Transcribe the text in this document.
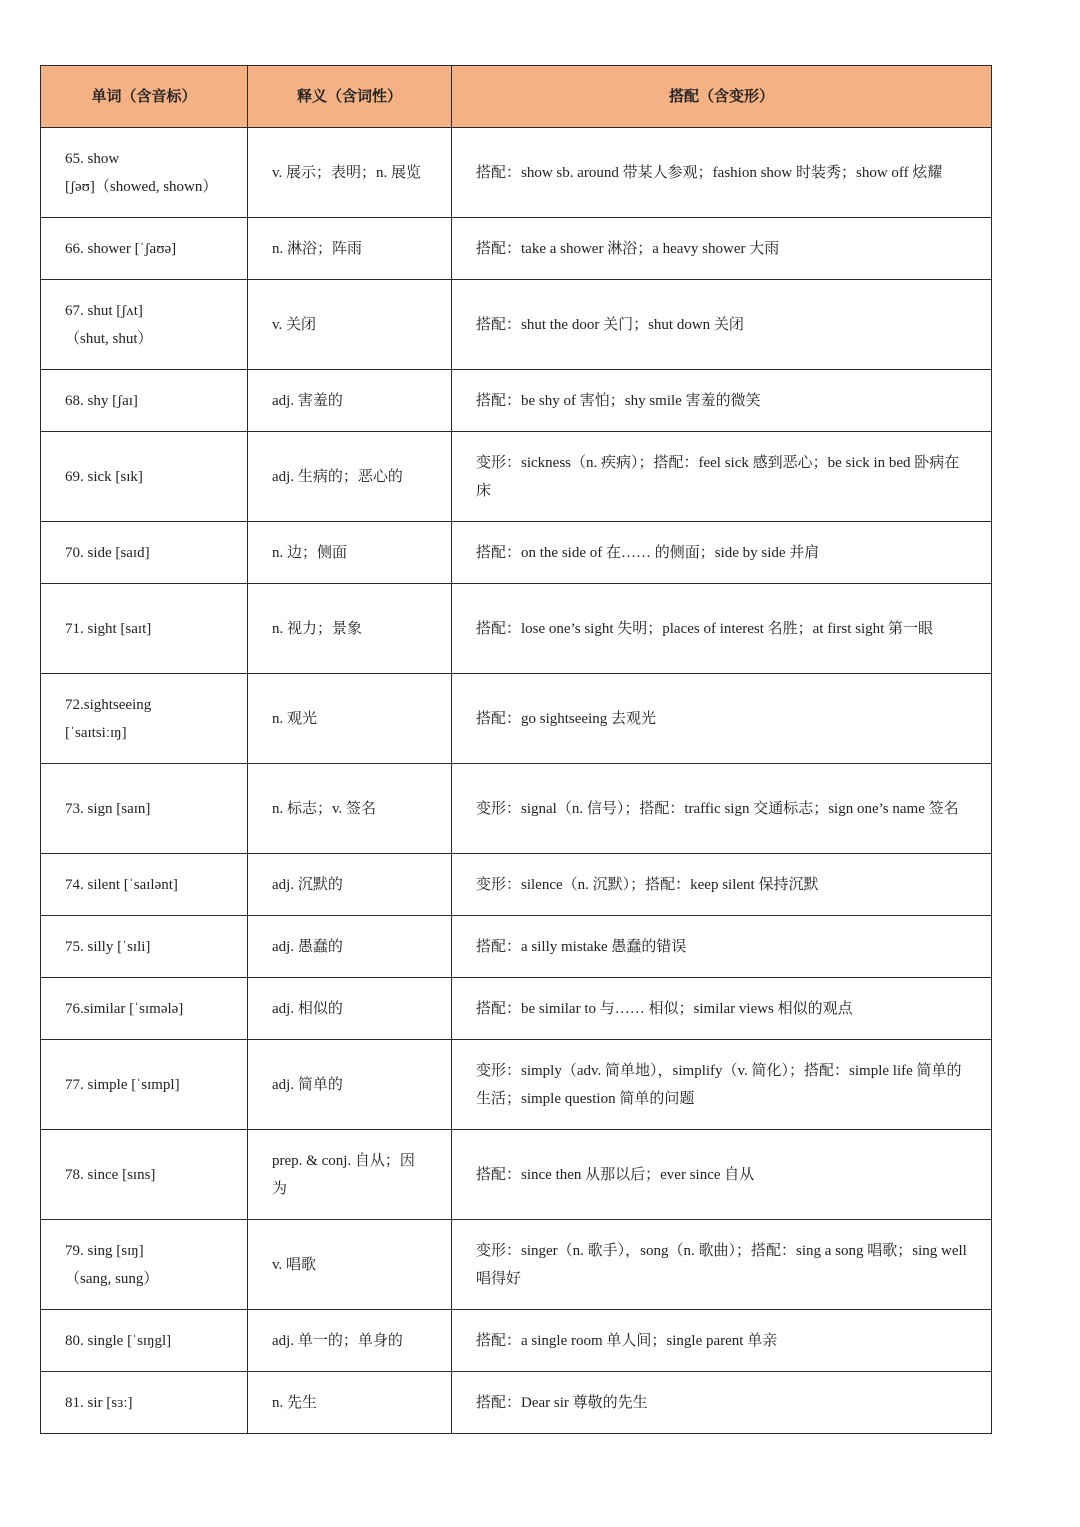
单词（含音标）	释义（含词性）	搭配（含变形）

65. show
[ʃəʊ]（showed, shown）	v. 展示；表明；n. 展览	搭配：show sb. around 带某人参观；fashion show 时装秀；show off 炫耀

66. shower [ˈʃaʊə]	n. 淋浴；阵雨	搭配：take a shower 淋浴；a heavy shower 大雨

67. shut [ʃʌt]
（shut, shut）	v. 关闭	搭配：shut the door 关门；shut down 关闭

68. shy [ʃaɪ]	adj. 害羞的	搭配：be shy of 害怕；shy smile 害羞的微笑

69. sick [sɪk]	adj. 生病的；恶心的	变形：sickness（n. 疾病）；搭配：feel sick 感到恶心；be sick in bed 卧病在床

70. side [saɪd]	n. 边；侧面	搭配：on the side of 在…… 的侧面；side by side 并肩

71. sight [saɪt]	n. 视力；景象	搭配：lose one’s sight 失明；places of interest 名胜；at first sight 第一眼

72.sightseeing
[ˈsaɪtsiːɪŋ]	n. 观光	搭配：go sightseeing 去观光

73. sign [saɪn]	n. 标志；v. 签名	变形：signal（n. 信号）；搭配：traffic sign 交通标志；sign one’s name 签名

74. silent [ˈsaɪlənt]	adj. 沉默的	变形：silence（n. 沉默）；搭配：keep silent 保持沉默

75. silly [ˈsɪli]	adj. 愚蠢的	搭配：a silly mistake 愚蠢的错误

76.similar [ˈsɪmələ]	adj. 相似的	搭配：be similar to 与…… 相似；similar views 相似的观点

77. simple [ˈsɪmpl]	adj. 简单的	变形：simply（adv. 简单地），simplify（v. 简化）；搭配：simple life 简单的生活；simple question 简单的问题

78. since [sɪns]	prep. & conj. 自从；因为	搭配：since then 从那以后；ever since 自从

79. sing [sɪŋ]
（sang, sung）	v. 唱歌	变形：singer（n. 歌手），song（n. 歌曲）；搭配：sing a song 唱歌；sing well 唱得好

80. single [ˈsɪŋgl]	adj. 单一的；单身的	搭配：a single room 单人间；single parent 单亲

81. sir [sɜː]	n. 先生	搭配：Dear sir 尊敬的先生
